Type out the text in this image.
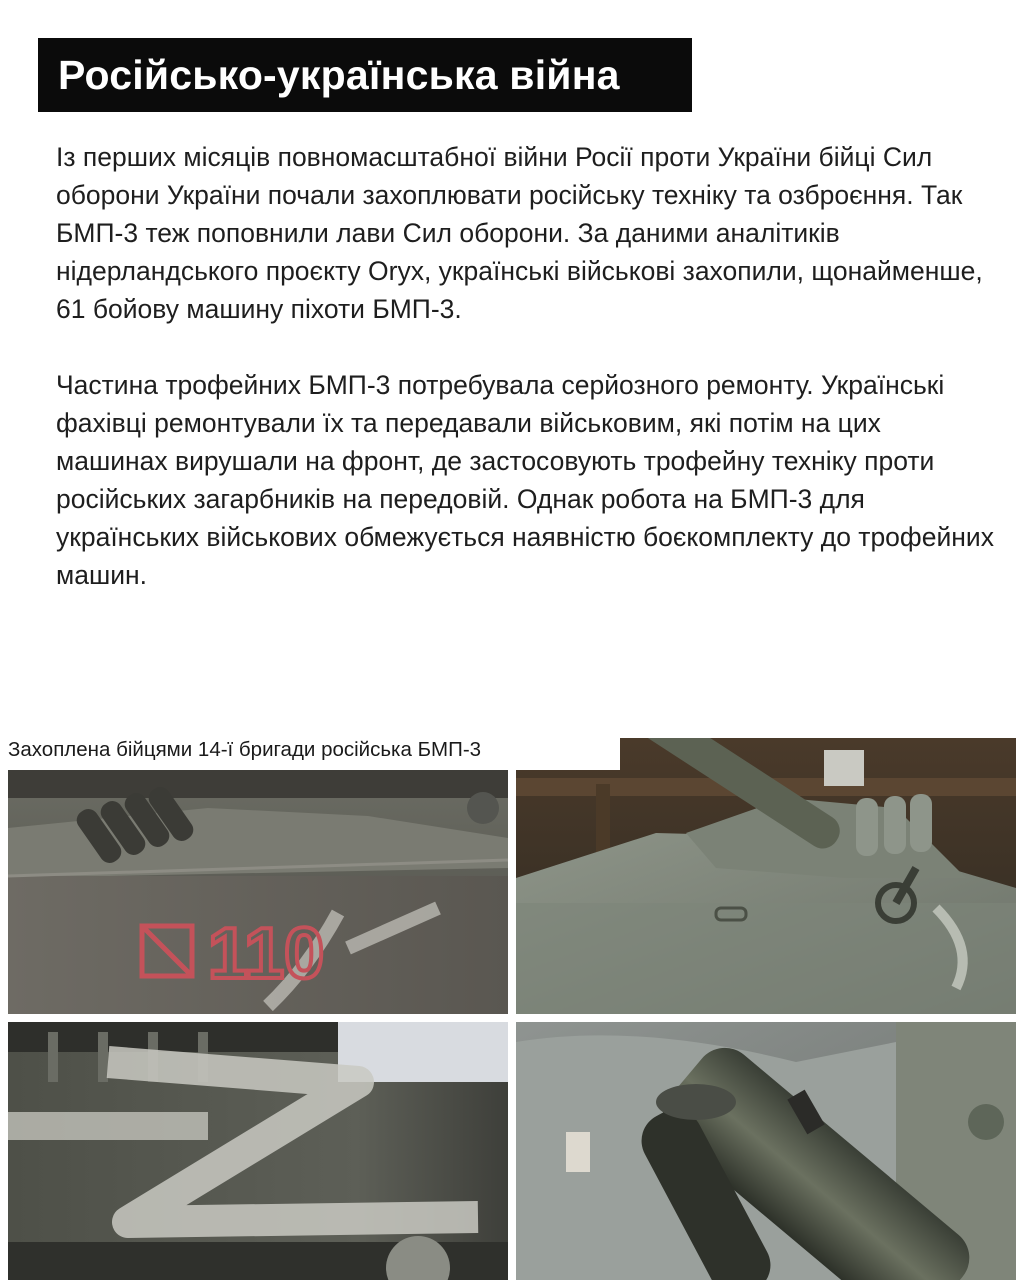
Російсько-українська війна

Із перших місяців повномасштабної війни Росії проти України бійці Сил оборони України почали захоплювати російську техніку та озброєння. Так БМП-3 теж поповнили лави Сил оборони. За даними аналітиків нідерландського проєкту Oryx, українські військові захопили, щонайменше, 61 бойову машину піхоти БМП-3.

Частина трофейних БМП-3 потребувала серйозного ремонту. Українські фахівці ремонтували їх та передавали військовим, які потім на цих машинах вирушали на фронт, де застосовують трофейну техніку проти російських загарбників на передовій. Однак робота на БМП-3 для українських військових обмежується наявністю боєкомплекту до трофейних машин.

Захоплена бійцями 14-ї бригади російська БМП-3
110
